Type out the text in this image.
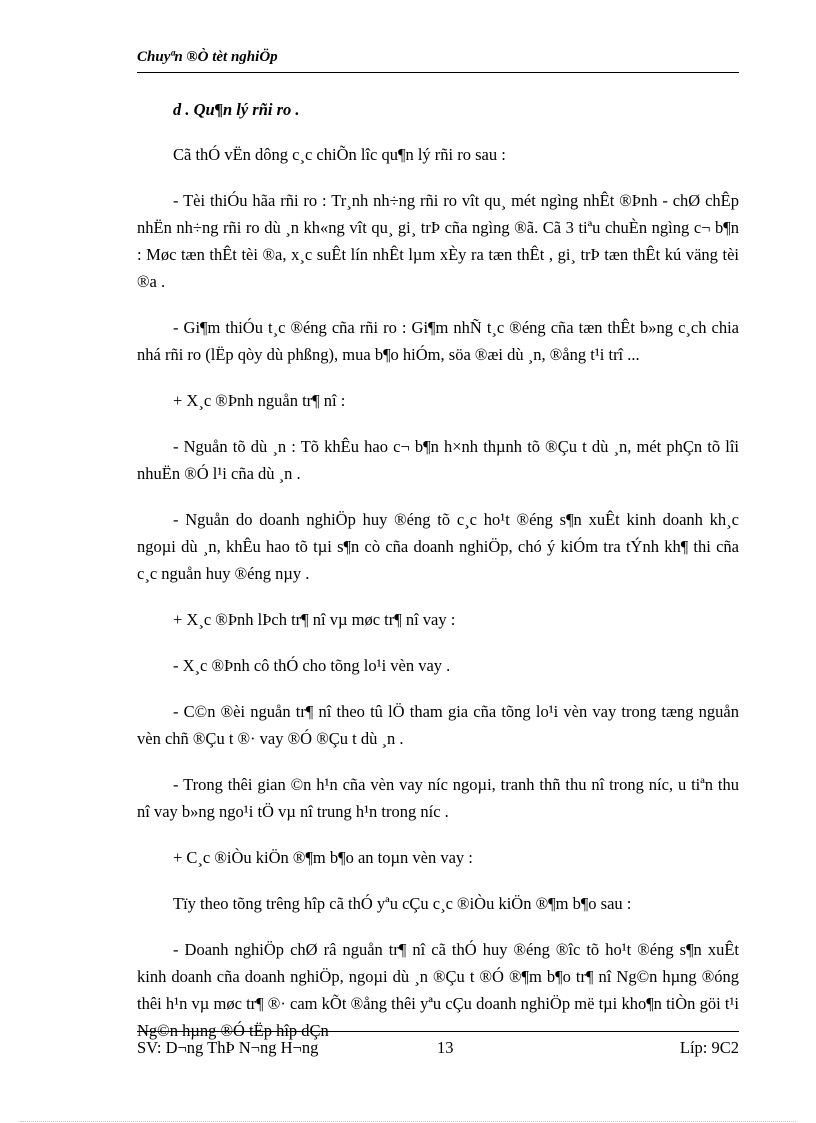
Chuyªn ®Ò tèt nghiÖp
d . Qu¶n lý rñi ro .

Cã thÓ vËn dông c¸c chiÕn lîc qu¶n lý rñi ro sau :

- Tèi thiÓu hãa rñi ro : Tr¸nh nh÷ng rñi ro vît qu¸ mét ngìng nhÊt ®Þnh - chØ chÊp nhËn nh÷ng rñi ro dù ¸n kh«ng vît qu¸ gi¸ trÞ cña ngìng ®ã. Cã 3 tiªu chuÈn ngìng c¬ b¶n : Møc tæn thÊt tèi ®a, x¸c suÊt lín nhÊt lµm xÈy ra tæn thÊt , gi¸ trÞ tæn thÊt kú väng tèi ®a .

- Gi¶m thiÓu t¸c ®éng cña rñi ro : Gi¶m nhÑ t¸c ®éng cña tæn thÊt b»ng c¸ch chia nhá rñi ro (lËp qòy dù phßng), mua b¶o hiÓm, söa ®æi dù ¸n, ®ång t¹i trî ...

+ X¸c ®Þnh nguån tr¶ nî :

- Nguån tõ dù ¸n : Tõ khÊu hao c¬ b¶n h×nh thµnh tõ ®Çu t dù ¸n, mét phÇn tõ lîi nhuËn ®Ó l¹i cña dù ¸n .

- Nguån do doanh nghiÖp huy ®éng tõ c¸c ho¹t ®éng s¶n xuÊt kinh doanh kh¸c ngoµi dù ¸n, khÊu hao tõ tµi s¶n cò cña doanh nghiÖp, chó ý kiÓm tra tÝnh kh¶ thi cña c¸c nguån huy ®éng nµy .

+ X¸c ®Þnh lÞch tr¶ nî vµ møc tr¶ nî vay :

- X¸c ®Þnh cô thÓ cho tõng lo¹i vèn vay .

- C©n ®èi nguån tr¶ nî theo tû lÖ tham gia cña tõng lo¹i vèn vay trong tæng nguån vèn chñ ®Çu t ®· vay ®Ó ®Çu t dù ¸n .

- Trong thêi gian ©n h¹n cña vèn vay níc ngoµi, tranh thñ thu nî trong níc, u tiªn thu nî vay b»ng ngo¹i tÖ vµ nî trung h¹n trong níc .

+ C¸c ®iÒu kiÖn ®¶m b¶o an toµn vèn vay :

Tïy theo tõng trêng hîp cã thÓ yªu cÇu c¸c ®iÒu kiÖn ®¶m b¶o sau :

- Doanh nghiÖp chØ râ nguån tr¶ nî cã thÓ huy ®éng ®îc tõ ho¹t ®éng s¶n xuÊt kinh doanh cña doanh nghiÖp, ngoµi dù ¸n ®Çu t ®Ó ®¶m b¶o tr¶ nî Ng©n hµng ®óng thêi h¹n vµ møc tr¶ ®· cam kÕt ®ång thêi yªu cÇu doanh nghiÖp më tµi kho¶n tiÒn göi t¹i Ng©n hµng ®Ó tËp hîp dÇn

SV: D¬ng ThÞ N¬ng H¬ng	13	Líp: 9C2
